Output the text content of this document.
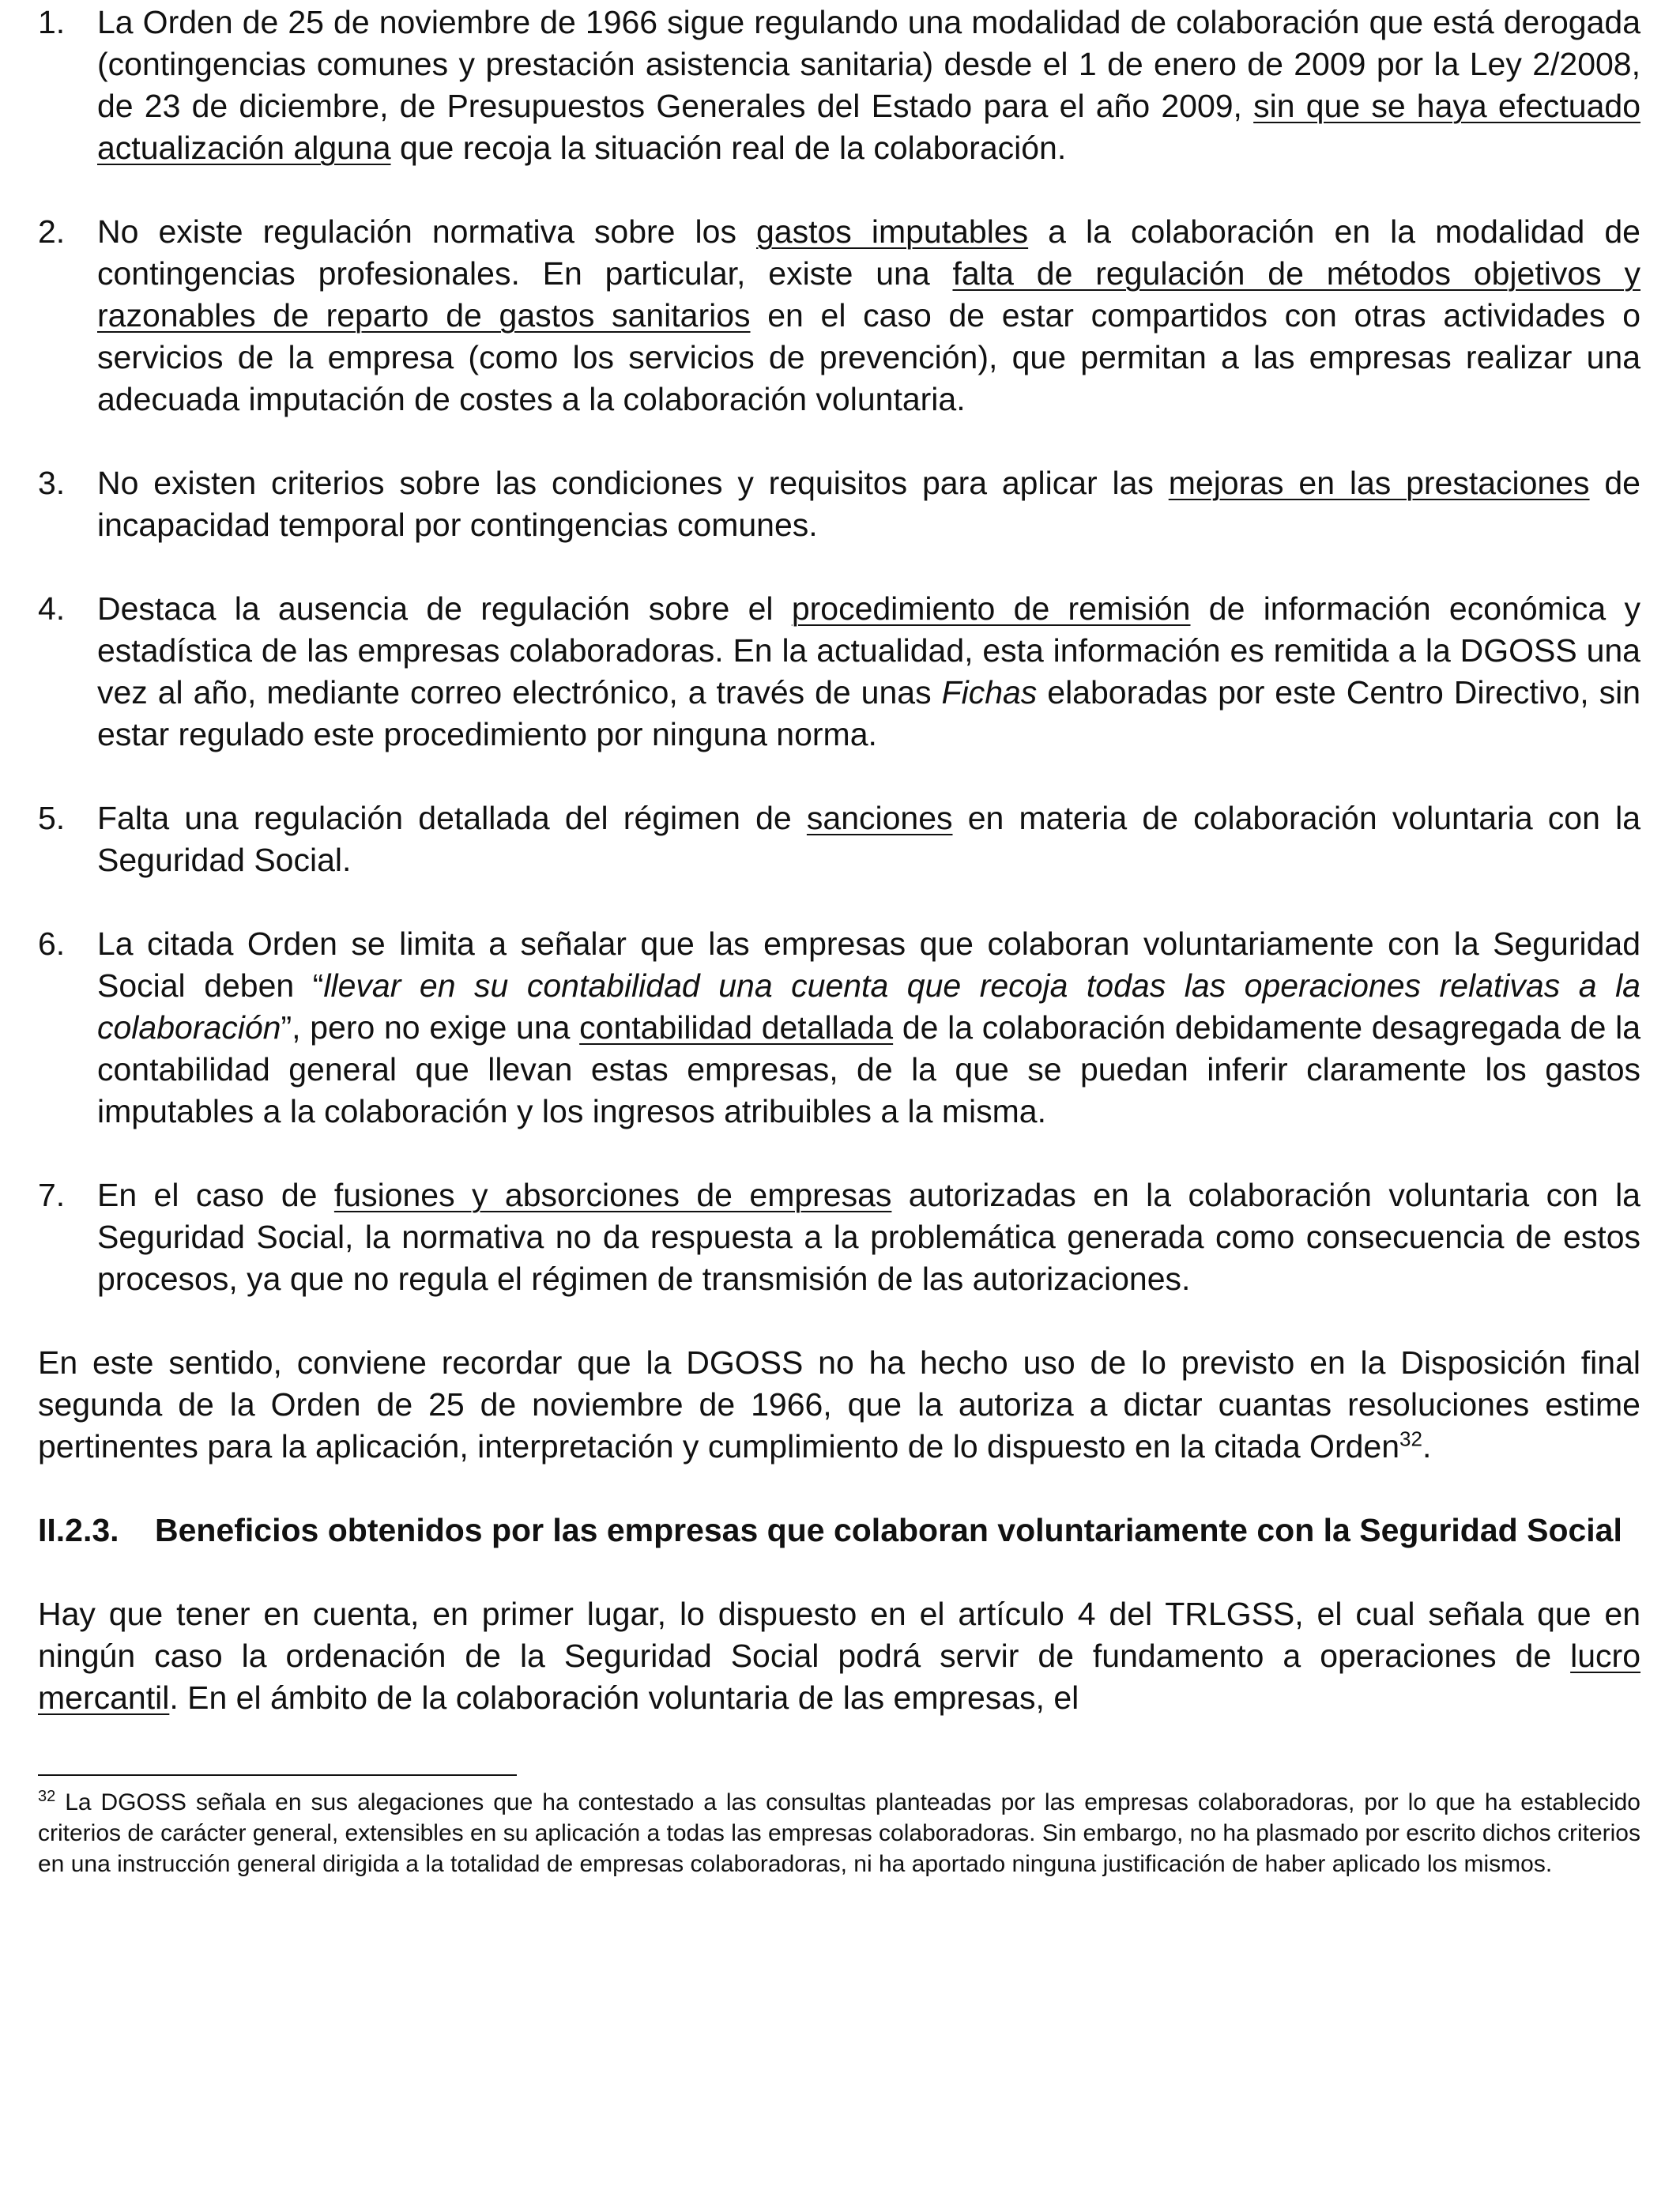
1. La Orden de 25 de noviembre de 1966 sigue regulando una modalidad de colaboración que está derogada (contingencias comunes y prestación asistencia sanitaria) desde el 1 de enero de 2009 por la Ley 2/2008, de 23 de diciembre, de Presupuestos Generales del Estado para el año 2009, sin que se haya efectuado actualización alguna que recoja la situación real de la colaboración.

2. No existe regulación normativa sobre los gastos imputables a la colaboración en la modalidad de contingencias profesionales. En particular, existe una falta de regulación de métodos objetivos y razonables de reparto de gastos sanitarios en el caso de estar compartidos con otras actividades o servicios de la empresa (como los servicios de prevención), que permitan a las empresas realizar una adecuada imputación de costes a la colaboración voluntaria.

3. No existen criterios sobre las condiciones y requisitos para aplicar las mejoras en las prestaciones de incapacidad temporal por contingencias comunes.

4. Destaca la ausencia de regulación sobre el procedimiento de remisión de información económica y estadística de las empresas colaboradoras. En la actualidad, esta información es remitida a la DGOSS una vez al año, mediante correo electrónico, a través de unas Fichas elaboradas por este Centro Directivo, sin estar regulado este procedimiento por ninguna norma.

5. Falta una regulación detallada del régimen de sanciones en materia de colaboración voluntaria con la Seguridad Social.

6. La citada Orden se limita a señalar que las empresas que colaboran voluntariamente con la Seguridad Social deben “llevar en su contabilidad una cuenta que recoja todas las operaciones relativas a la colaboración”, pero no exige una contabilidad detallada de la colaboración debidamente desagregada de la contabilidad general que llevan estas empresas, de la que se puedan inferir claramente los gastos imputables a la colaboración y los ingresos atribuibles a la misma.

7. En el caso de fusiones y absorciones de empresas autorizadas en la colaboración voluntaria con la Seguridad Social, la normativa no da respuesta a la problemática generada como consecuencia de estos procesos, ya que no regula el régimen de transmisión de las autorizaciones.

En este sentido, conviene recordar que la DGOSS no ha hecho uso de lo previsto en la Disposición final segunda de la Orden de 25 de noviembre de 1966, que la autoriza a dictar cuantas resoluciones estime pertinentes para la aplicación, interpretación y cumplimiento de lo dispuesto en la citada Orden$^{32}$.

II.2.3. Beneficios obtenidos por las empresas que colaboran voluntariamente con la Seguridad Social

Hay que tener en cuenta, en primer lugar, lo dispuesto en el artículo 4 del TRLGSS, el cual señala que en ningún caso la ordenación de la Seguridad Social podrá servir de fundamento a operaciones de lucro mercantil. En el ámbito de la colaboración voluntaria de las empresas, el

$^{32}$ La DGOSS señala en sus alegaciones que ha contestado a las consultas planteadas por las empresas colaboradoras, por lo que ha establecido criterios de carácter general, extensibles en su aplicación a todas las empresas colaboradoras. Sin embargo, no ha plasmado por escrito dichos criterios en una instrucción general dirigida a la totalidad de empresas colaboradoras, ni ha aportado ninguna justificación de haber aplicado los mismos.
